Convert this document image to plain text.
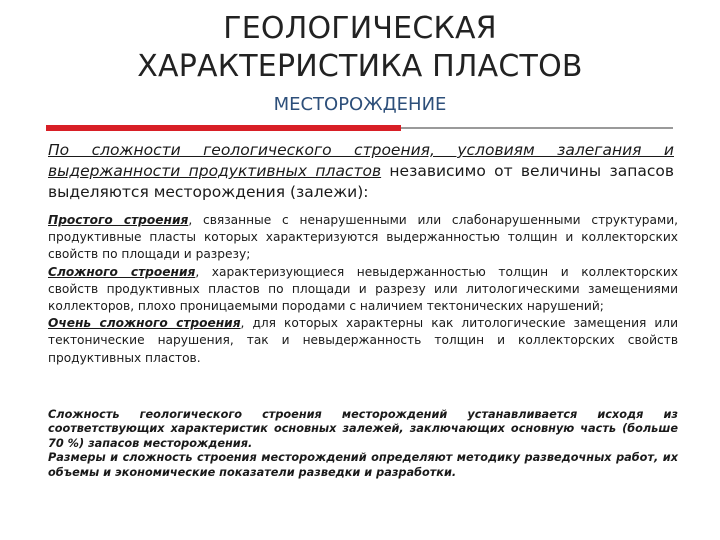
ГЕОЛОГИЧЕСКАЯ
ХАРАКТЕРИСТИКА ПЛАСТОВ
МЕСТОРОЖДЕНИЕ
По сложности геологического строения, условиям залегания и выдержанности продуктивных пластов независимо от величины запасов выделяются месторождения (залежи):

Простого строения, связанные с ненарушенными или слабонарушенными структурами, продуктивные пласты которых характеризуются выдержанностью толщин и коллекторских свойств по площади и разрезу;

Сложного строения, характеризующиеся невыдержанностью толщин и коллекторских свойств продуктивных пластов по площади и разрезу или литологическими замещениями коллекторов, плохо проницаемыми породами с наличием тектонических нарушений;

Очень сложного строения, для которых характерны как литологические замещения или тектонические нарушения, так и невыдержанность толщин и коллекторских свойств продуктивных пластов.

Сложность геологического строения месторождений устанавливается исходя из соответствующих характеристик основных залежей, заключающих основную часть (больше 70 %) запасов месторождения.

Размеры и сложность строения месторождений определяют методику разведочных работ, их объемы и экономические показатели разведки и разработки.
